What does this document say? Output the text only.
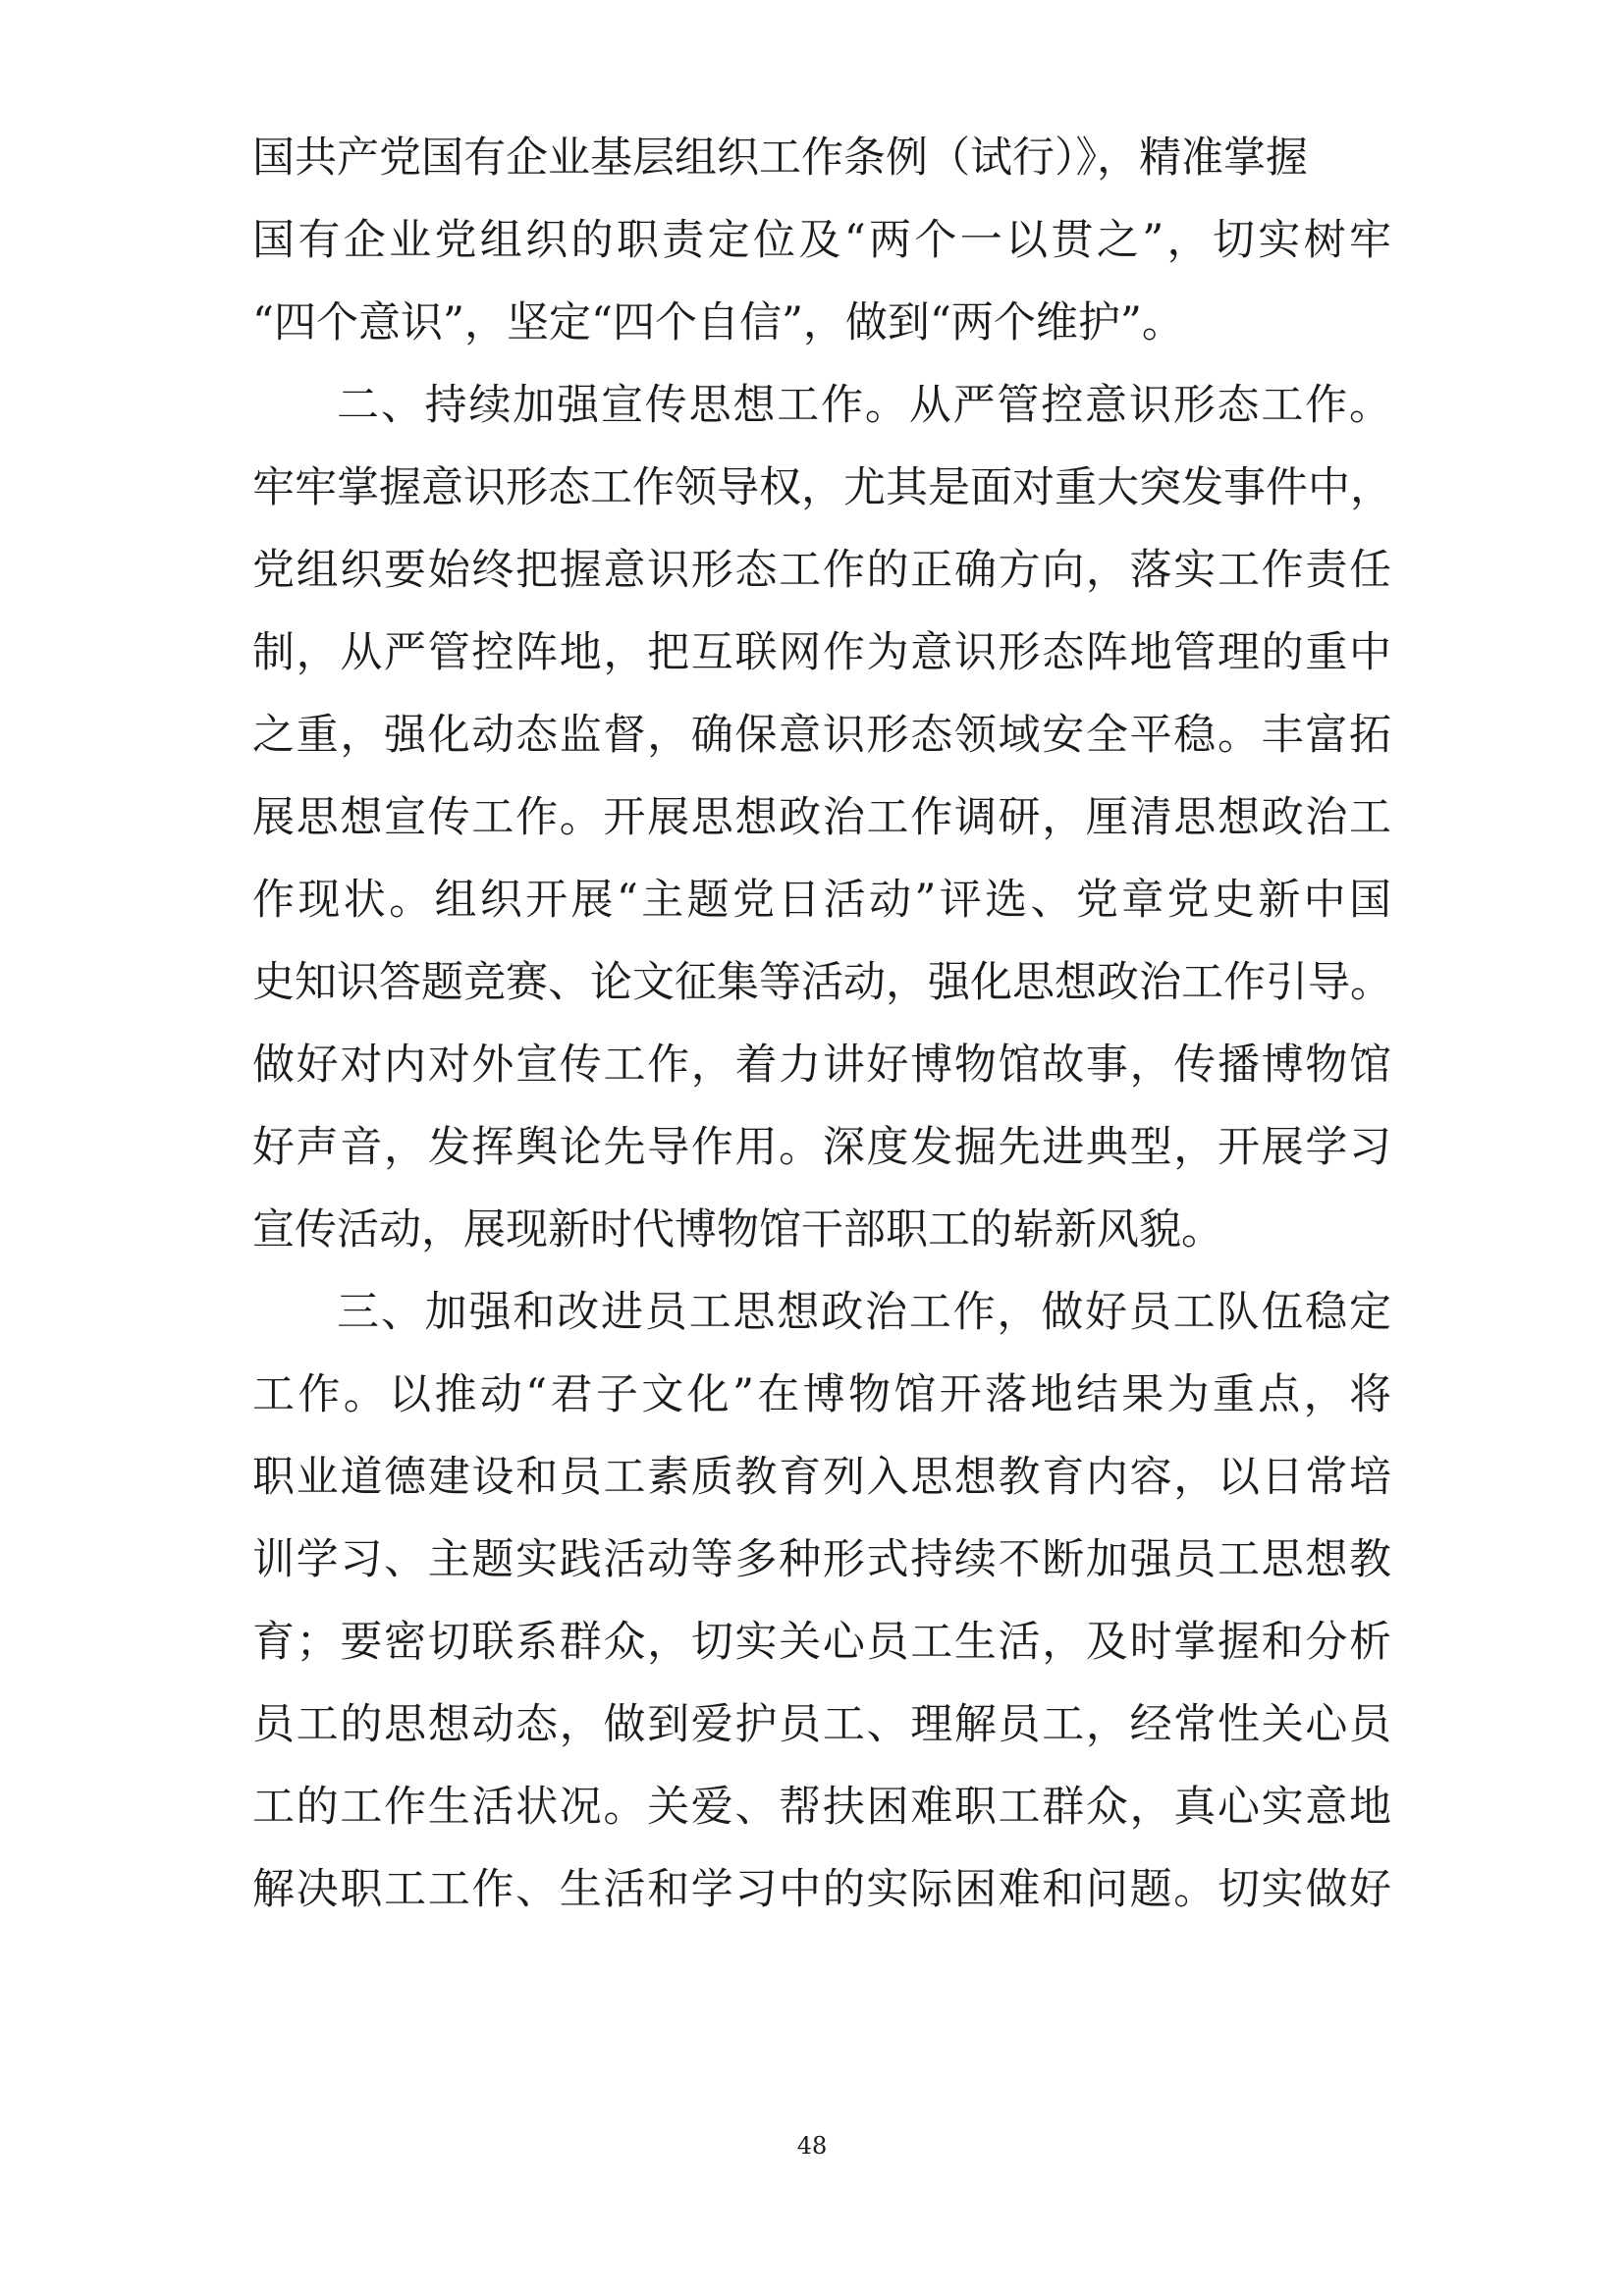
国共产党国有企业基层组织工作条例（试行）》，精准掌握
国有企业党组织的职责定位及“两个一以贯之”，切实树牢
“四个意识”，坚定“四个自信”，做到“两个维护”。
二、持续加强宣传思想工作。从严管控意识形态工作。
牢牢掌握意识形态工作领导权，尤其是面对重大突发事件中，
党组织要始终把握意识形态工作的正确方向，落实工作责任
制，从严管控阵地，把互联网作为意识形态阵地管理的重中
之重，强化动态监督，确保意识形态领域安全平稳。丰富拓
展思想宣传工作。开展思想政治工作调研，厘清思想政治工
作现状。组织开展“主题党日活动”评选、党章党史新中国
史知识答题竞赛、论文征集等活动，强化思想政治工作引导。
做好对内对外宣传工作，着力讲好博物馆故事，传播博物馆
好声音，发挥舆论先导作用。深度发掘先进典型，开展学习
宣传活动，展现新时代博物馆干部职工的崭新风貌。
三、加强和改进员工思想政治工作，做好员工队伍稳定
工作。以推动“君子文化”在博物馆开落地结果为重点，将
职业道德建设和员工素质教育列入思想教育内容，以日常培
训学习、主题实践活动等多种形式持续不断加强员工思想教
育；要密切联系群众，切实关心员工生活，及时掌握和分析
员工的思想动态，做到爱护员工、理解员工，经常性关心员
工的工作生活状况。关爱、帮扶困难职工群众，真心实意地
解决职工工作、生活和学习中的实际困难和问题。切实做好
48
